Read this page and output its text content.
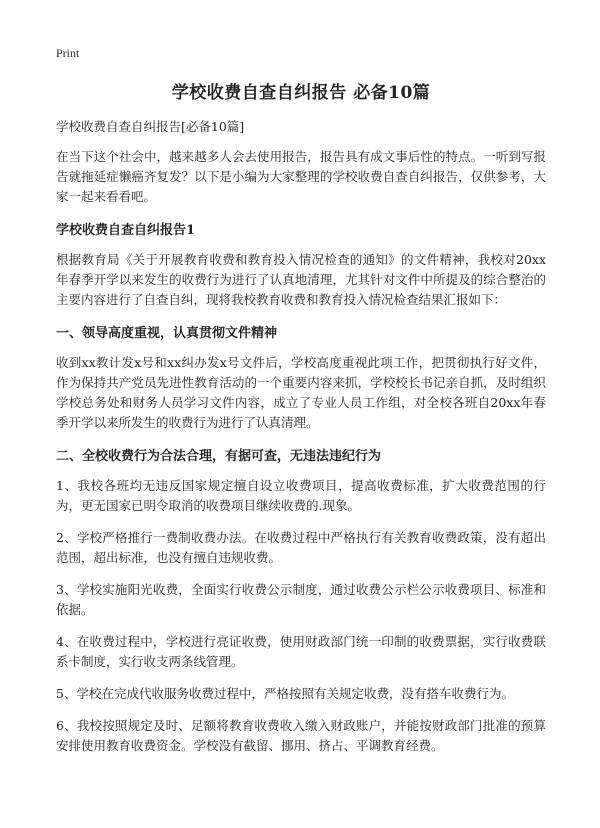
Print
学校收费自查自纠报告 必备10篇
学校收费自查自纠报告[必备10篇]

在当下这个社会中，越来越多人会去使用报告，报告具有成文事后性的特点。一听到写报告就拖延症懒癌齐复发？以下是小编为大家整理的学校收费自查自纠报告，仅供参考，大家一起来看看吧。

学校收费自查自纠报告1

根据教育局《关于开展教育收费和教育投入情况检查的通知》的文件精神，我校对20xx年春季开学以来发生的收费行为进行了认真地清理，尤其针对文件中所提及的综合整治的主要内容进行了自查自纠，现将我校教育收费和教育投入情况检查结果汇报如下：

一、领导高度重视，认真贯彻文件精神

收到xx教计发x号和xx纠办发x号文件后，学校高度重视此项工作，把贯彻执行好文件，作为保持共产党员先进性教育活动的一个重要内容来抓，学校校长书记亲自抓，及时组织学校总务处和财务人员学习文件内容，成立了专业人员工作组，对全校各班自20xx年春季开学以来所发生的收费行为进行了认真清理。

二、全校收费行为合法合理，有据可查，无违法违纪行为

1、我校各班均无违反国家规定擅自设立收费项目，提高收费标准，扩大收费范围的行为，更无国家已明令取消的收费项目继续收费的.现象。

2、学校严格推行一费制收费办法。在收费过程中严格执行有关教育收费政策，没有超出范围，超出标准，也没有擅自违规收费。

3、学校实施阳光收费，全面实行收费公示制度，通过收费公示栏公示收费项目、标准和依据。

4、在收费过程中，学校进行亮证收费，使用财政部门统一印制的收费票据，实行收费联系卡制度，实行收支两条线管理。

5、学校在完成代收服务收费过程中，严格按照有关规定收费，没有搭车收费行为。

6、我校按照规定及时、足额将教育收费收入缴入财政账户，并能按财政部门批准的预算安排使用教育收费资金。学校没有截留、挪用、挤占、平调教育经费。
